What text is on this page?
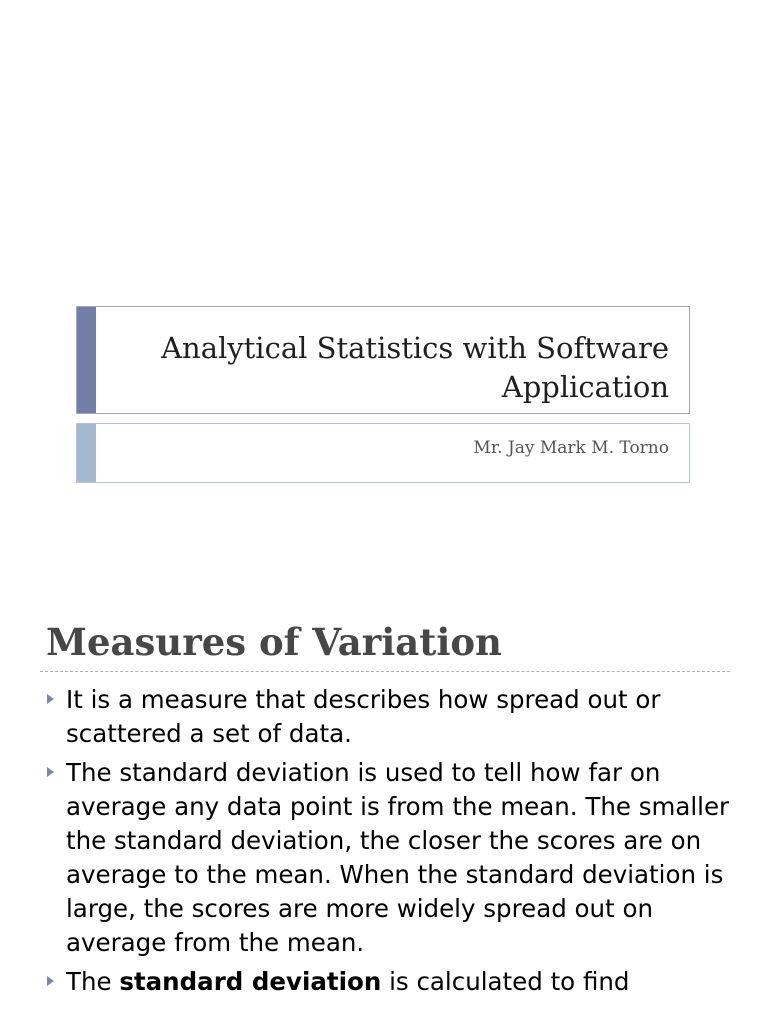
Analytical Statistics with Software
Application
Mr. Jay Mark M. Torno
Measures of Variation
It is a measure that describes how spread out or scattered a set of data.
The standard deviation is used to tell how far on average any data point is from the mean. The smaller the standard deviation, the closer the scores are on average to the mean. When the standard deviation is large, the scores are more widely spread out on average from the mean.
The standard deviation is calculated to find
